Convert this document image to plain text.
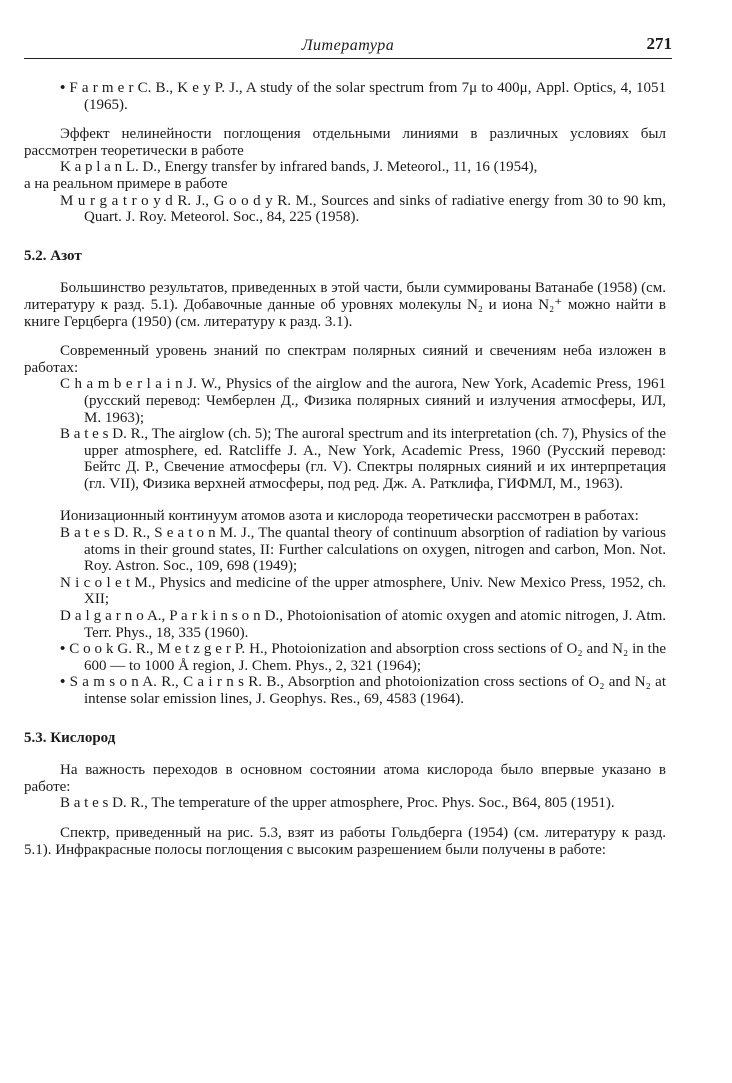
Литература	271

• F a r m e r C. B., K e y P. J., A study of the solar spectrum from 7μ to 400μ, Appl. Optics, 4, 1051 (1965).

Эффект нелинейности поглощения отдельными линиями в различных условиях был рассмотрен теоретически в работе

K a p l a n L. D., Energy transfer by infrared bands, J. Meteorol., 11, 16 (1954),

а на реальном примере в работе

M u r g a t r o y d R. J., G o o d y R. M., Sources and sinks of radiative energy from 30 to 90 km, Quart. J. Roy. Meteorol. Soc., 84, 225 (1958).

5.2. Азот

Большинство результатов, приведенных в этой части, были суммированы Ватанабе (1958) (см. литературу к разд. 5.1). Добавочные данные об уровнях молекулы N₂ и иона N₂⁺ можно найти в книге Герцберга (1950) (см. литературу к разд. 3.1).

Современный уровень знаний по спектрам полярных сияний и свечениям неба изложен в работах:

C h a m b e r l a i n J. W., Physics of the airglow and the aurora, New York, Academic Press, 1961 (русский перевод: Чемберлен Д., Физика полярных сияний и излучения атмосферы, ИЛ, М. 1963);

B a t e s D. R., The airglow (ch. 5); The auroral spectrum and its interpretation (ch. 7), Physics of the upper atmosphere, ed. Ratcliffe J. A., New York, Academic Press, 1960 (Русский перевод: Бейтс Д. Р., Свечение атмосферы (гл. V). Спектры полярных сияний и их интерпретация (гл. VII), Физика верхней атмосферы, под ред. Дж. А. Ратклифа, ГИФМЛ, М., 1963).

Ионизационный континуум атомов азота и кислорода теоретически рассмотрен в работах:

B a t e s D. R., S e a t o n M. J., The quantal theory of continuum absorption of radiation by various atoms in their ground states, II: Further calculations on oxygen, nitrogen and carbon, Mon. Not. Roy. Astron. Soc., 109, 698 (1949);

N i c o l e t M., Physics and medicine of the upper atmosphere, Univ. New Mexico Press, 1952, ch. XII;

D a l g a r n o A., P a r k i n s o n D., Photoionisation of atomic oxygen and atomic nitrogen, J. Atm. Terr. Phys., 18, 335 (1960).

• C o o k G. R., M e t z g e r P. H., Photoionization and absorption cross sections of O₂ and N₂ in the 600 — to 1000 Å region, J. Chem. Phys., 2, 321 (1964);

• S a m s o n A. R., C a i r n s R. B., Absorption and photoionization cross sections of O₂ and N₂ at intense solar emission lines, J. Geophys. Res., 69, 4583 (1964).

5.3. Кислород

На важность переходов в основном состоянии атома кислорода было впервые указано в работе:

B a t e s D. R., The temperature of the upper atmosphere, Proc. Phys. Soc., B64, 805 (1951).

Спектр, приведенный на рис. 5.3, взят из работы Гольдберга (1954) (см. литературу к разд. 5.1). Инфракрасные полосы поглощения с высоким разрешением были получены в работе:
